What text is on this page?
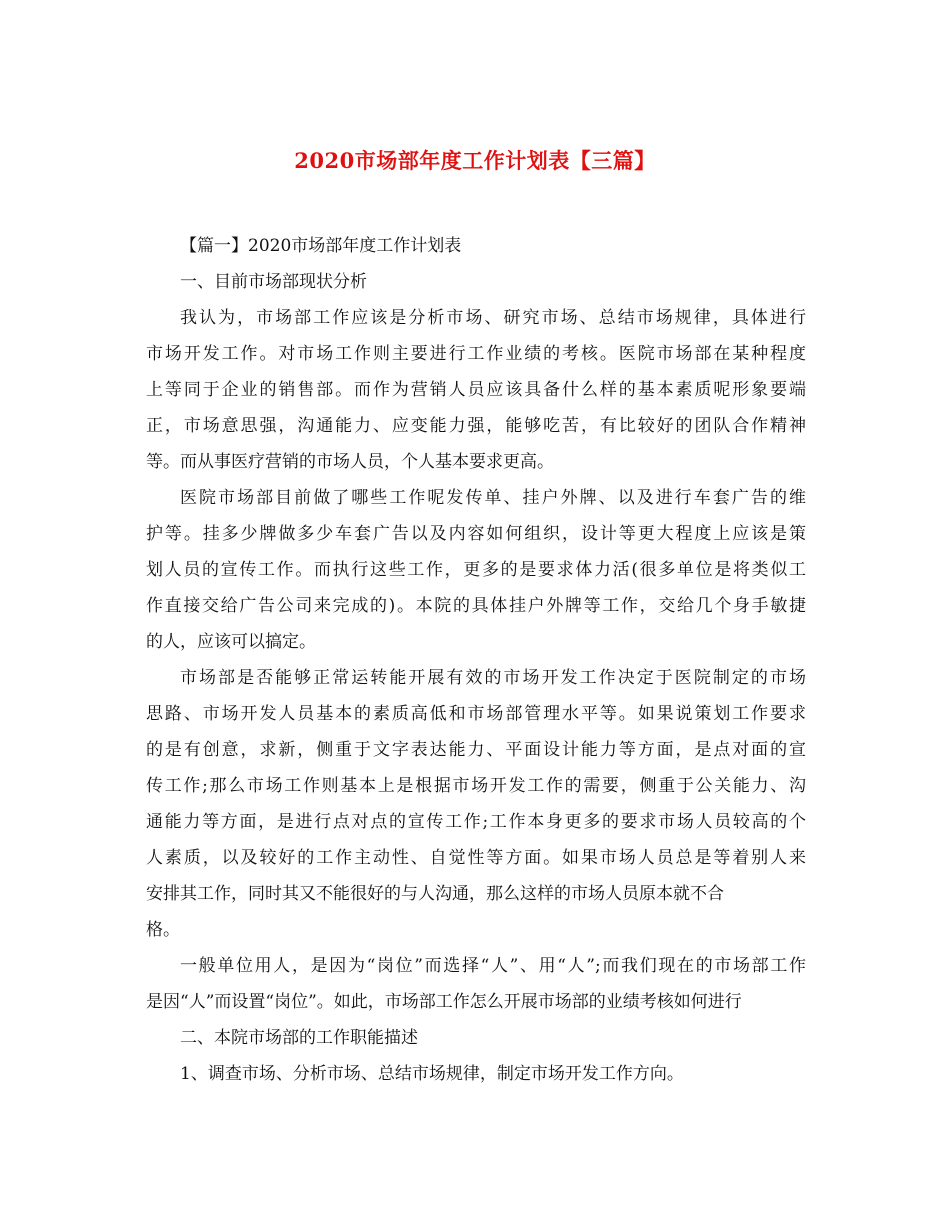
2020市场部年度工作计划表【三篇】
【篇一】2020市场部年度工作计划表
一、目前市场部现状分析
我认为，市场部工作应该是分析市场、研究市场、总结市场规律，具体进行
市场开发工作。对市场工作则主要进行工作业绩的考核。医院市场部在某种程度
上等同于企业的销售部。而作为营销人员应该具备什么样的基本素质呢形象要端
正，市场意思强，沟通能力、应变能力强，能够吃苦，有比较好的团队合作精神
等。而从事医疗营销的市场人员，个人基本要求更高。
医院市场部目前做了哪些工作呢发传单、挂户外牌、以及进行车套广告的维
护等。挂多少牌做多少车套广告以及内容如何组织，设计等更大程度上应该是策
划人员的宣传工作。而执行这些工作，更多的是要求体力活(很多单位是将类似工
作直接交给广告公司来完成的)。本院的具体挂户外牌等工作，交给几个身手敏捷
的人，应该可以搞定。
市场部是否能够正常运转能开展有效的市场开发工作决定于医院制定的市场
思路、市场开发人员基本的素质高低和市场部管理水平等。如果说策划工作要求
的是有创意，求新，侧重于文字表达能力、平面设计能力等方面，是点对面的宣
传工作;那么市场工作则基本上是根据市场开发工作的需要，侧重于公关能力、沟
通能力等方面，是进行点对点的宣传工作;工作本身更多的要求市场人员较高的个
人素质，以及较好的工作主动性、自觉性等方面。如果市场人员总是等着别人来
安排其工作，同时其又不能很好的与人沟通，那么这样的市场人员原本就不合
格。
一般单位用人，是因为“岗位”而选择“人”、用“人”;而我们现在的市场部工作
是因“人”而设置“岗位”。如此，市场部工作怎么开展市场部的业绩考核如何进行
二、本院市场部的工作职能描述
1、调查市场、分析市场、总结市场规律，制定市场开发工作方向。
